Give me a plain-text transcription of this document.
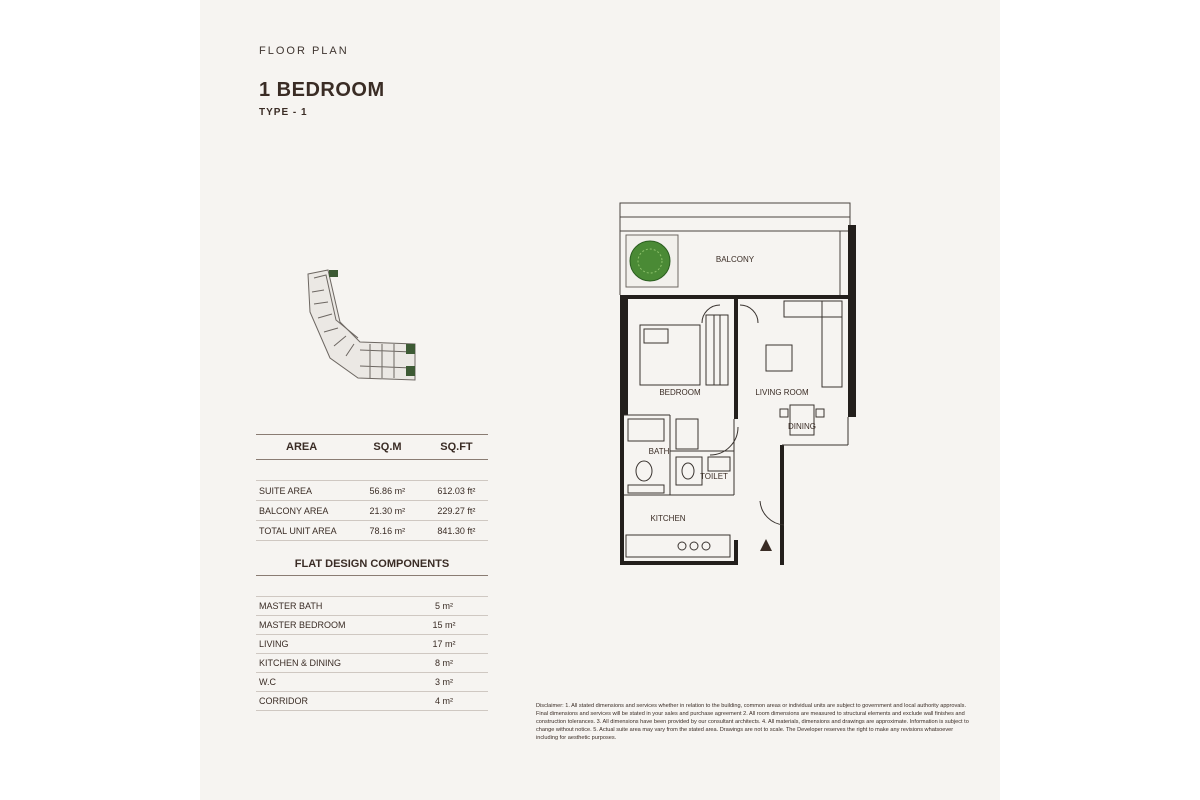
FLOOR PLAN
1 BEDROOM
TYPE - 1
AREA	SQ.M	SQ.FT
SUITE AREA	56.86 m²	612.03 ft²
BALCONY AREA	21.30 m²	229.27 ft²
TOTAL UNIT AREA	78.16 m²	841.30 ft²
FLAT DESIGN COMPONENTS
MASTER BATH	5 m²
MASTER BEDROOM	15 m²
LIVING	17 m²
KITCHEN & DINING	8 m²
W.C	3 m²
CORRIDOR	4 m²
BALCONY
BEDROOM	LIVING ROOM
DINING
BATH
TOILET
KITCHEN
Disclaimer: 1. All stated dimensions and services whether in relation to the building, common areas or individual units are subject to government and local authority approvals. Final dimensions and services will be stated in your sales and purchase agreement 2. All room dimensions are measured to structural elements and exclude wall finishes and construction tolerances. 3. All dimensions have been provided by our consultant architects. 4. All materials, dimensions and drawings are approximate. Information is subject to change without notice. 5. Actual suite area may vary from the stated area. Drawings are not to scale. The Developer reserves the right to make any revisions whatsoever including for aesthetic purposes.
